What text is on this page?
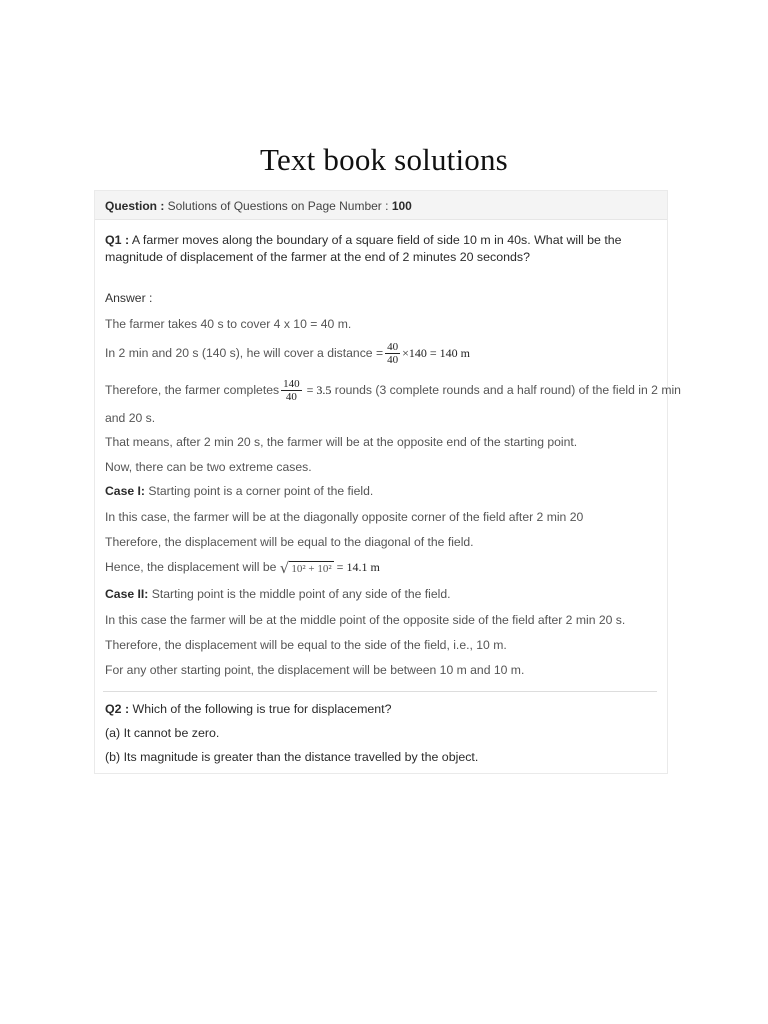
Text book solutions
Question : Solutions of Questions on Page Number : 100
Q1 : A farmer moves along the boundary of a square field of side 10 m in 40s. What will be the
magnitude of displacement of the farmer at the end of 2 minutes 20 seconds?
Answer :
The farmer takes 40 s to cover 4 x 10 = 40 m.
In 2 min and 20 s (140 s), he will cover a distance = $\frac{40}{40} \times 140 = 140$ m
Therefore, the farmer completes $\frac{140}{40} = 3.5$ rounds (3 complete rounds and a half round) of the field in 2 min
and 20 s.
That means, after 2 min 20 s, the farmer will be at the opposite end of the starting point.
Now, there can be two extreme cases.
Case I: Starting point is a corner point of the field.
In this case, the farmer will be at the diagonally opposite corner of the field after 2 min 20
Therefore, the displacement will be equal to the diagonal of the field.
Hence, the displacement will be √ 10² + 10² = 14.1 m
Case II: Starting point is the middle point of any side of the field.
In this case the farmer will be at the middle point of the opposite side of the field after 2 min 20 s.
Therefore, the displacement will be equal to the side of the field, i.e., 10 m.
For any other starting point, the displacement will be between 10 m and 10 m.
Q2 : Which of the following is true for displacement?
(a) It cannot be zero.
(b) Its magnitude is greater than the distance travelled by the object.
